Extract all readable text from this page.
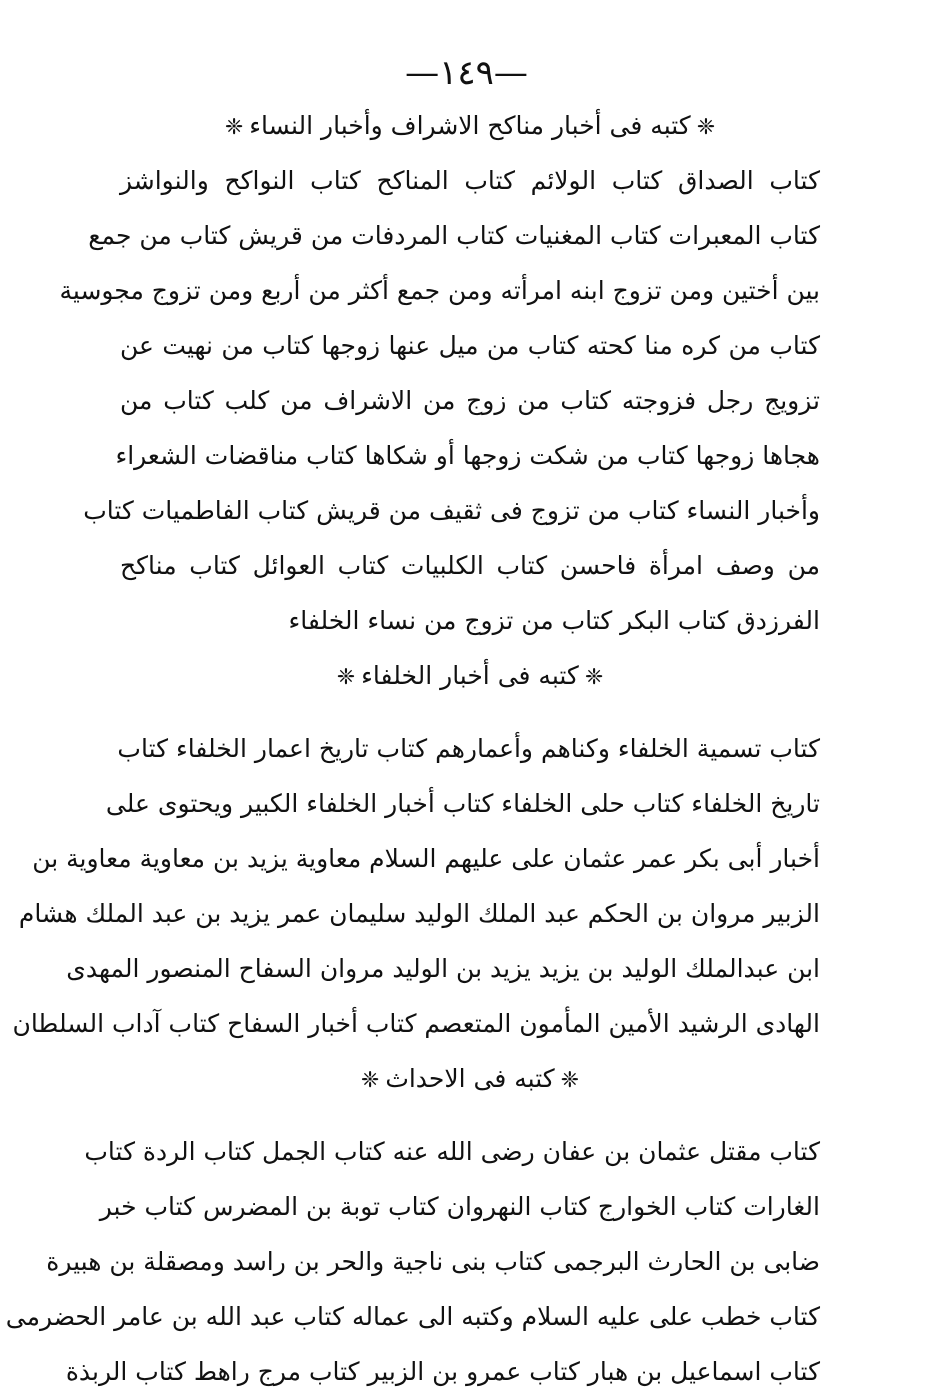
—١٤٩—
❈كتبه فى أخبار مناكح الاشراف وأخبار النساء❈
كتاب الصداق كتاب الولائم كتاب المناكح كتاب النواكح والنواشز
كتاب المعبرات كتاب المغنيات كتاب المردفات من قريش كتاب من جمع
بين أختين ومن تزوج ابنه امرأته ومن جمع أكثر من أربع ومن تزوج مجوسية
كتاب من كره منا كحته كتاب من ميل عنها زوجها كتاب من نهيت عن
تزويج رجل فزوجته كتاب من زوج من الاشراف من كلب كتاب من
هجاها زوجها كتاب من شكت زوجها أو شكاها كتاب مناقضات الشعراء
وأخبار النساء كتاب من تزوج فى ثقيف من قريش كتاب الفاطميات كتاب
من وصف امرأة فاحسن كتاب الكلبيات كتاب العوائل كتاب مناكح
الفرزدق كتاب البكر كتاب من تزوج من نساء الخلفاء
❈كتبه فى أخبار الخلفاء❈
كتاب تسمية الخلفاء وكناهم وأعمارهم كتاب تاريخ اعمار الخلفاء كتاب
تاريخ الخلفاء كتاب حلى الخلفاء كتاب أخبار الخلفاء الكبير ويحتوى على
أخبار أبى بكر عمر عثمان على عليهم السلام معاوية يزيد بن معاوية معاوية بن
الزبير مروان بن الحكم عبد الملك الوليد سليمان عمر يزيد بن عبد الملك هشام
ابن عبدالملك الوليد بن يزيد يزيد بن الوليد مروان السفاح المنصور المهدى
الهادى الرشيد الأمين المأمون المتعصم كتاب أخبار السفاح كتاب آداب السلطان
❈كتبه فى الاحداث❈
كتاب مقتل عثمان بن عفان رضى الله عنه كتاب الجمل كتاب الردة كتاب
الغارات كتاب الخوارج كتاب النهروان كتاب توبة بن المضرس كتاب خبر
ضابى بن الحارث البرجمى كتاب بنى ناجية والحر بن راسد ومصقلة بن هبيرة
كتاب خطب على عليه السلام وكتبه الى عماله كتاب عبد الله بن عامر الحضرمى
كتاب اسماعيل بن هبار كتاب عمرو بن الزبير كتاب مرج راهط كتاب الربذة
